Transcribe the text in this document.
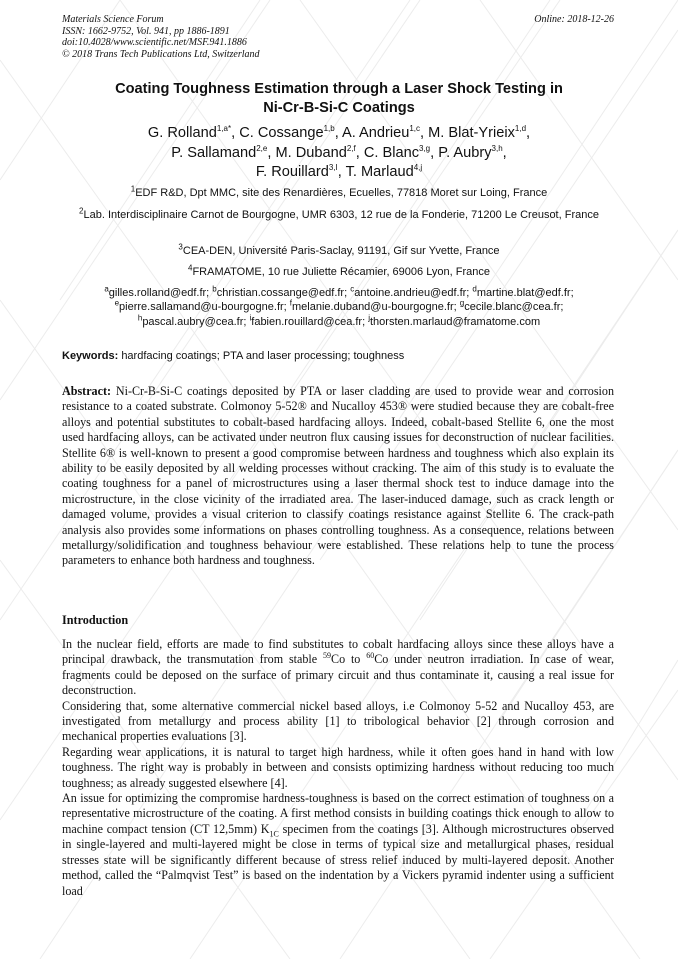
Materials Science Forum
ISSN: 1662-9752, Vol. 941, pp 1886-1891
doi:10.4028/www.scientific.net/MSF.941.1886
© 2018 Trans Tech Publications Ltd, Switzerland
Online: 2018-12-26
Coating Toughness Estimation through a Laser Shock Testing in
Ni-Cr-B-Si-C Coatings
G. Rolland$^{1,a*}$, C. Cossange$^{1,b}$, A. Andrieu$^{1,c}$, M. Blat-Yrieix$^{1,d}$,
P. Sallamand$^{2,e}$, M. Duband$^{2,f}$, C. Blanc$^{3,g}$, P. Aubry$^{3,h}$,
F. Rouillard$^{3,I}$, T. Marlaud$^{4,j}$
$^1$EDF R&D, Dpt MMC, site des Renardières, Ecuelles, 77818 Moret sur Loing, France
$^2$Lab. Interdisciplinaire Carnot de Bourgogne, UMR 6303, 12 rue de la Fonderie, 71200 Le Creusot, France
$^3$CEA-DEN, Université Paris-Saclay, 91191, Gif sur Yvette, France
$^4$FRAMATOME, 10 rue Juliette Récamier, 69006 Lyon, France
$^a$gilles.rolland@edf.fr; $^b$christian.cossange@edf.fr; $^c$antoine.andrieu@edf.fr; $^d$martine.blat@edf.fr;
$^e$pierre.sallamand@u-bourgogne.fr; $^f$melanie.duband@u-bourgogne.fr; $^g$cecile.blanc@cea.fr;
$^h$pascal.aubry@cea.fr; $^i$fabien.rouillard@cea.fr; $^j$thorsten.marlaud@framatome.com
Keywords: hardfacing coatings; PTA and laser processing; toughness

Abstract: Ni-Cr-B-Si-C coatings deposited by PTA or laser cladding are used to provide wear and corrosion resistance to a coated substrate. Colmonoy 5-52® and Nucalloy 453® were studied because they are cobalt-free alloys and potential substitutes to cobalt-based hardfacing alloys. Indeed, cobalt-based Stellite 6, one the most used hardfacing alloys, can be activated under neutron flux causing issues for deconstruction of nuclear facilities. Stellite 6® is well-known to present a good compromise between hardness and toughness which also explain its ability to be easily deposited by all welding processes without cracking. The aim of this study is to evaluate the coating toughness for a panel of microstructures using a laser thermal shock test to induce damage into the microstructure, in the close vicinity of the irradiated area. The laser-induced damage, such as crack length or damaged volume, provides a visual criterion to classify coatings resistance against Stellite 6. The crack-path analysis also provides some informations on phases controlling toughness. As a consequence, relations between metallurgy/solidification and toughness behaviour were established. These relations help to tune the process parameters to enhance both hardness and toughness.

Introduction

In the nuclear field, efforts are made to find substitutes to cobalt hardfacing alloys since these alloys have a principal drawback, the transmutation from stable $^{59}$Co to $^{60}$Co under neutron irradiation. In case of wear, fragments could be deposed on the surface of primary circuit and thus contaminate it, causing a real issue for deconstruction.

Considering that, some alternative commercial nickel based alloys, i.e Colmonoy 5-52 and Nucalloy 453, are investigated from metallurgy and process ability [1] to tribological behavior [2] through corrosion and mechanical properties evaluations [3].

Regarding wear applications, it is natural to target high hardness, while it often goes hand in hand with low toughness. The right way is probably in between and consists optimizing hardness without reducing too much toughness; as already suggested elsewhere [4].

An issue for optimizing the compromise hardness-toughness is based on the correct estimation of toughness on a representative microstructure of the coating. A first method consists in building coatings thick enough to allow to machine compact tension (CT 12,5mm) $K_{1C}$ specimen from the coatings [3]. Although microstructures observed in single-layered and multi-layered might be close in terms of typical size and metallurgical phases, residual stresses state will be significantly different because of stress relief induced by multi-layered deposit. Another method, called the “Palmqvist Test” is based on the indentation by a Vickers pyramid indenter using a sufficient load
